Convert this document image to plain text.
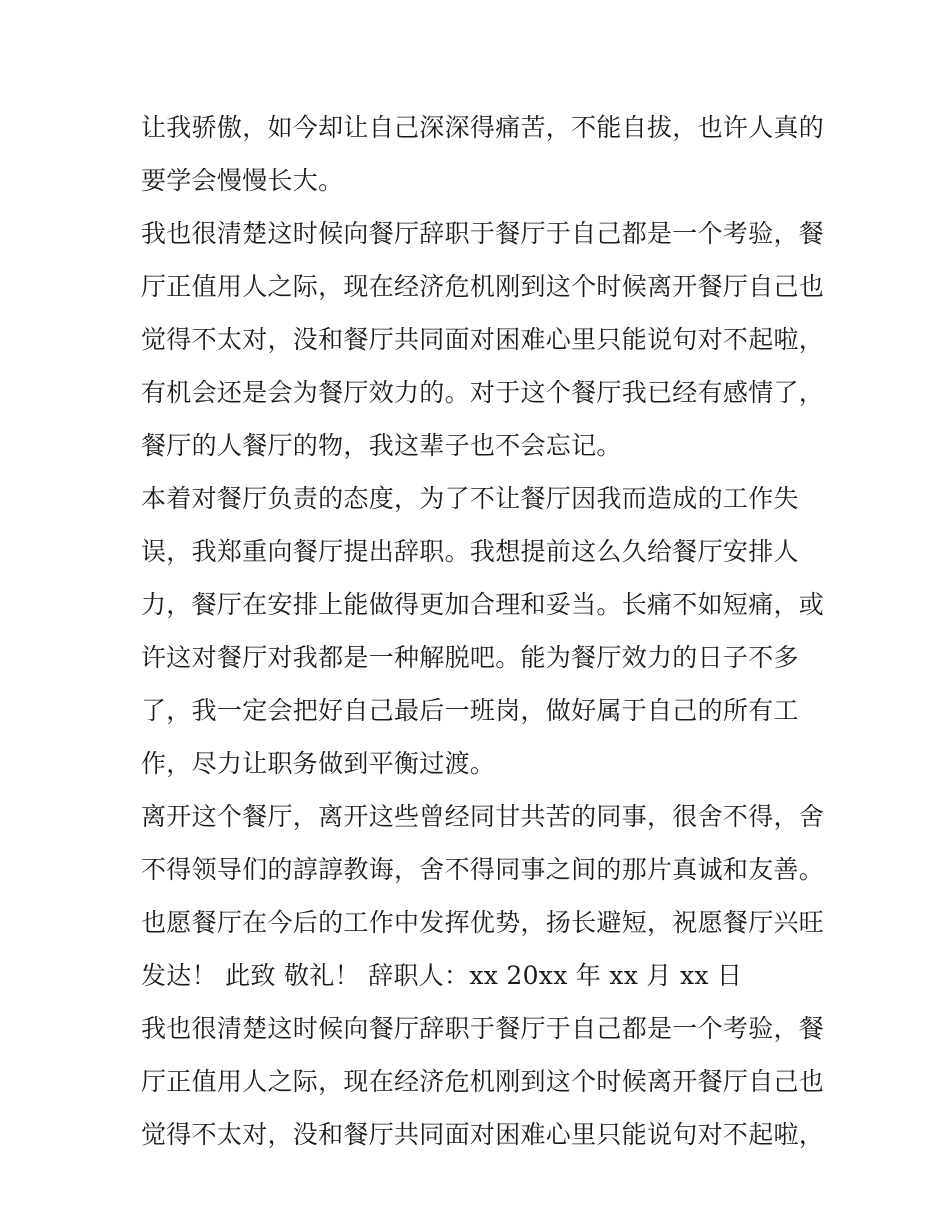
让我骄傲，如今却让自己深深得痛苦，不能自拔，也许人真的
要学会慢慢长大。
我也很清楚这时候向餐厅辞职于餐厅于自己都是一个考验，餐
厅正值用人之际，现在经济危机刚到这个时候离开餐厅自己也
觉得不太对，没和餐厅共同面对困难心里只能说句对不起啦，
有机会还是会为餐厅效力的。对于这个餐厅我已经有感情了，
餐厅的人餐厅的物，我这辈子也不会忘记。
本着对餐厅负责的态度，为了不让餐厅因我而造成的工作失
误，我郑重向餐厅提出辞职。我想提前这么久给餐厅安排人
力，餐厅在安排上能做得更加合理和妥当。长痛不如短痛，或
许这对餐厅对我都是一种解脱吧。能为餐厅效力的日子不多
了，我一定会把好自己最后一班岗，做好属于自己的所有工
作，尽力让职务做到平衡过渡。
离开这个餐厅，离开这些曾经同甘共苦的同事，很舍不得，舍
不得领导们的諄諄教诲，舍不得同事之间的那片真诚和友善。
也愿餐厅在今后的工作中发挥优势，扬长避短，祝愿餐厅兴旺
发达！ 此致 敬礼！ 辞职人：xx 20xx 年 xx 月 xx 日
我也很清楚这时候向餐厅辞职于餐厅于自己都是一个考验，餐
厅正值用人之际，现在经济危机刚到这个时候离开餐厅自己也
觉得不太对，没和餐厅共同面对困难心里只能说句对不起啦，
